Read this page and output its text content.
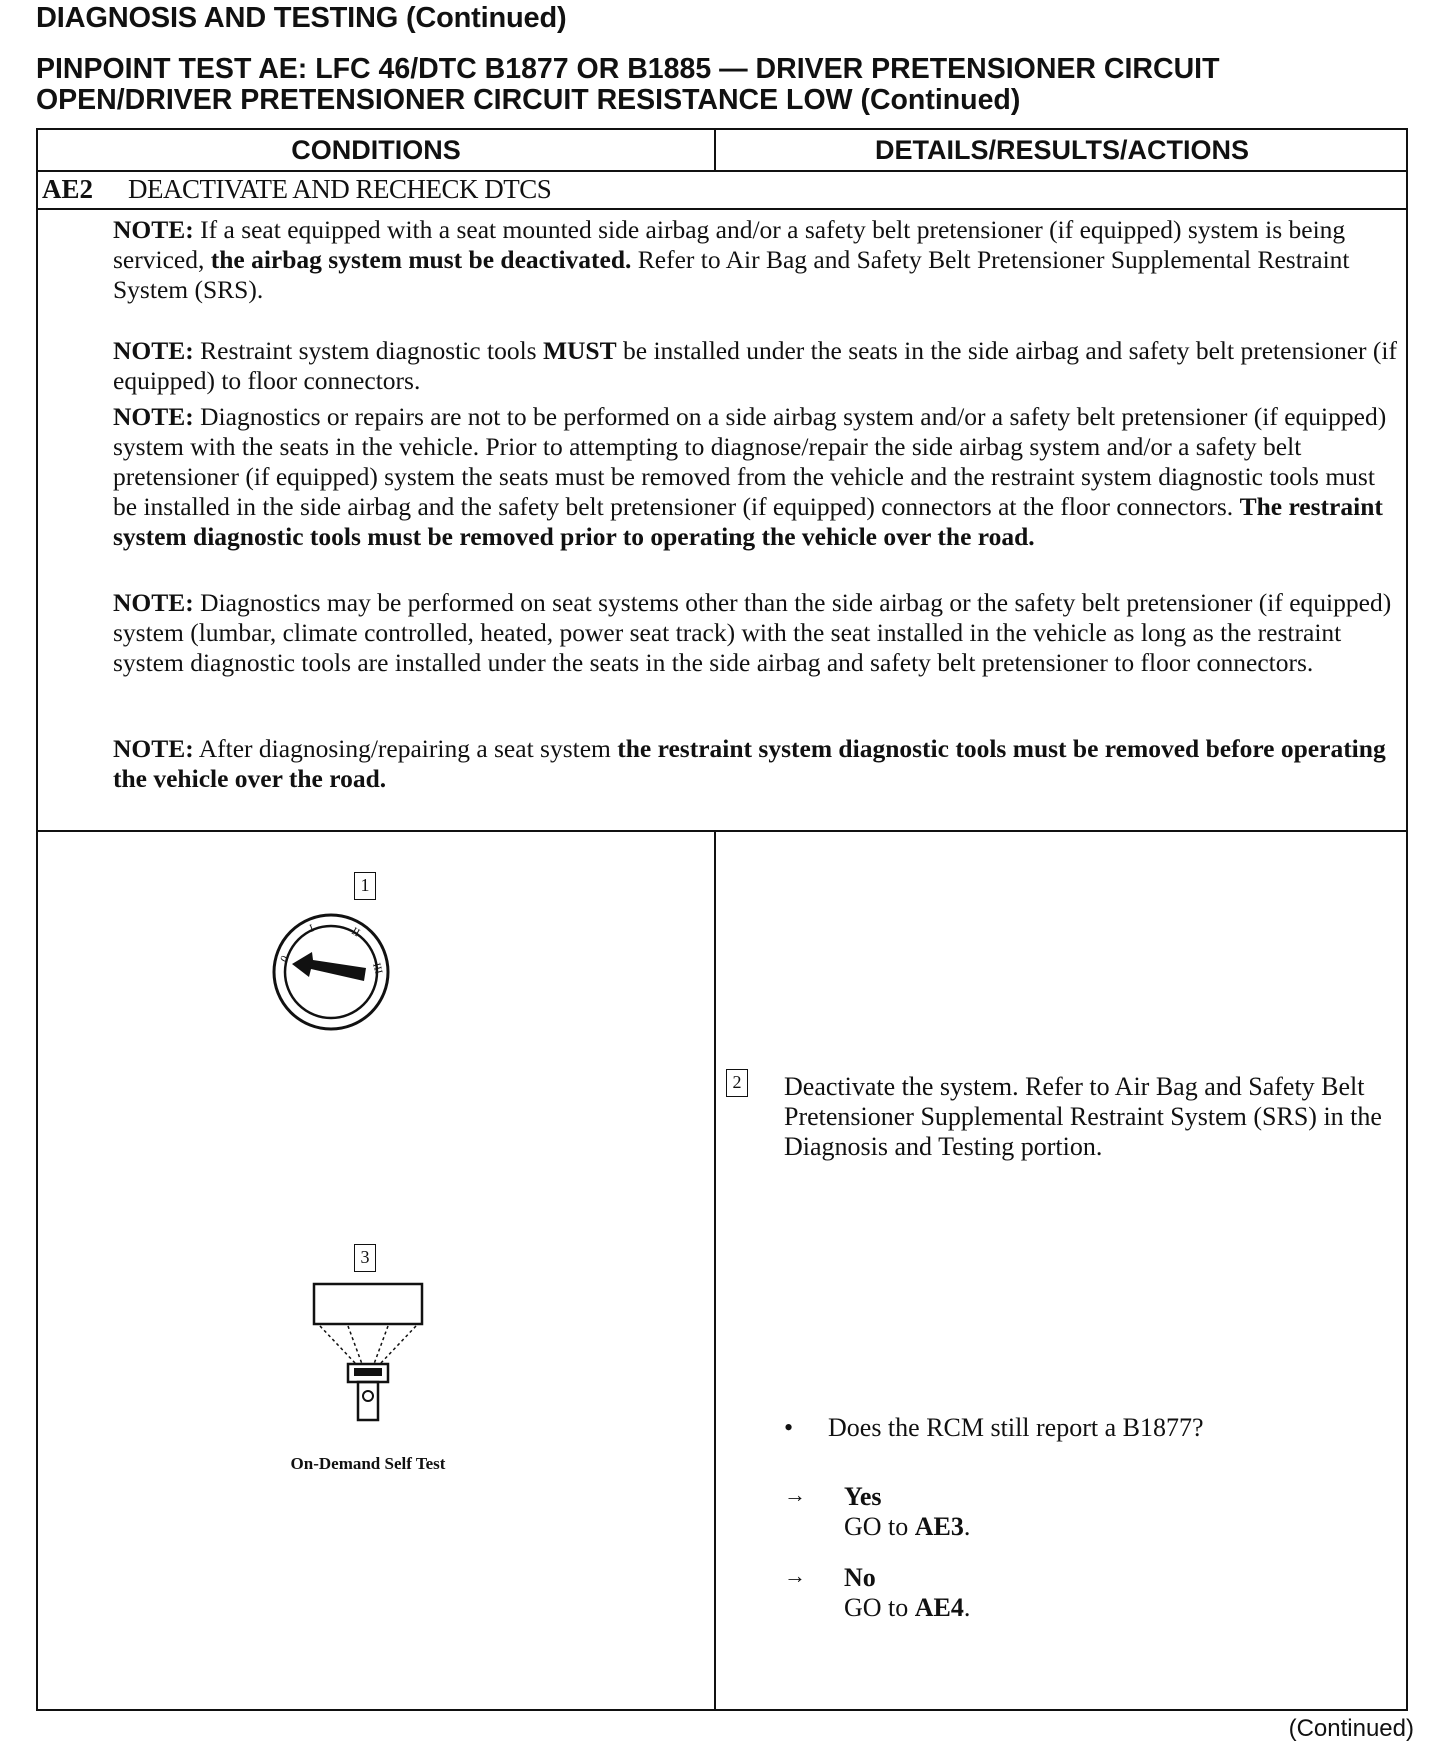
DIAGNOSIS AND TESTING (Continued)
PINPOINT TEST AE: LFC 46/DTC B1877 OR B1885 — DRIVER PRETENSIONER CIRCUIT
OPEN/DRIVER PRETENSIONER CIRCUIT RESISTANCE LOW (Continued)
CONDITIONS	DETAILS/RESULTS/ACTIONS
AE2 DEACTIVATE AND RECHECK DTCS

NOTE: If a seat equipped with a seat mounted side airbag and/or a safety belt pretensioner (if equipped) system is being serviced, the airbag system must be deactivated. Refer to Air Bag and Safety Belt Pretensioner Supplemental Restraint System (SRS).

NOTE: Restraint system diagnostic tools MUST be installed under the seats in the side airbag and safety belt pretensioner (if equipped) to floor connectors.

NOTE: Diagnostics or repairs are not to be performed on a side airbag system and/or a safety belt pretensioner (if equipped) system with the seats in the vehicle. Prior to attempting to diagnose/repair the side airbag system and/or a safety belt pretensioner (if equipped) system the seats must be removed from the vehicle and the restraint system diagnostic tools must be installed in the side airbag and the safety belt pretensioner (if equipped) connectors at the floor connectors. The restraint system diagnostic tools must be removed prior to operating the vehicle over the road.

NOTE: Diagnostics may be performed on seat systems other than the side airbag or the safety belt pretensioner (if equipped) system (lumbar, climate controlled, heated, power seat track) with the seat installed in the vehicle as long as the restraint system diagnostic tools are installed under the seats in the side airbag and safety belt pretensioner to floor connectors.

NOTE: After diagnosing/repairing a seat system the restraint system diagnostic tools must be removed before operating the vehicle over the road.

1
0
I	II
III
3
On-Demand Self Test
2 Deactivate the system. Refer to Air Bag and Safety Belt Pretensioner Supplemental Restraint System (SRS) in the Diagnosis and Testing portion.
• Does the RCM still report a B1877?
→ Yes
GO to AE3.
→ No
GO to AE4.
(Continued)
